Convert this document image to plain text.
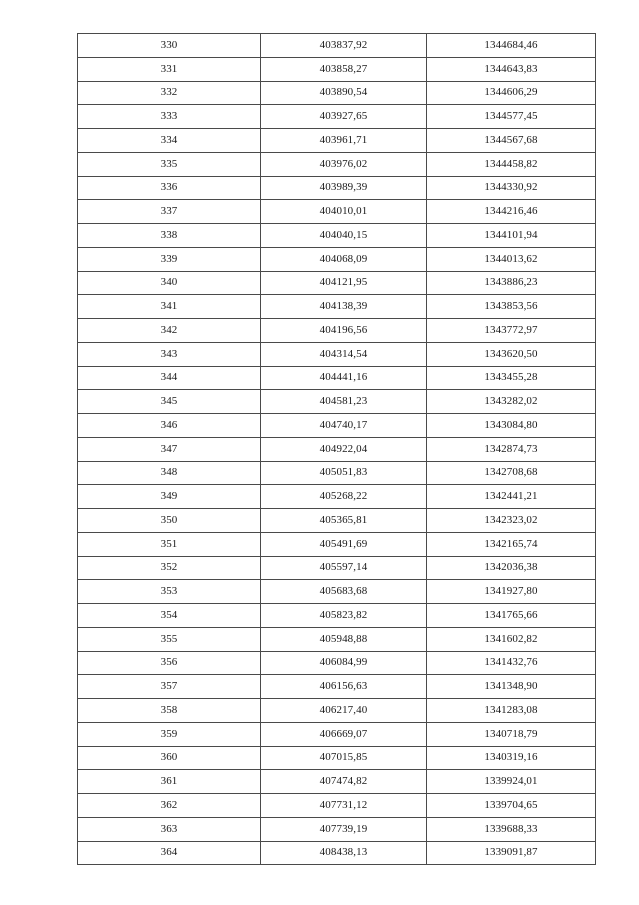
330	403837,92	1344684,46
331	403858,27	1344643,83
332	403890,54	1344606,29
333	403927,65	1344577,45
334	403961,71	1344567,68
335	403976,02	1344458,82
336	403989,39	1344330,92
337	404010,01	1344216,46
338	404040,15	1344101,94
339	404068,09	1344013,62
340	404121,95	1343886,23
341	404138,39	1343853,56
342	404196,56	1343772,97
343	404314,54	1343620,50
344	404441,16	1343455,28
345	404581,23	1343282,02
346	404740,17	1343084,80
347	404922,04	1342874,73
348	405051,83	1342708,68
349	405268,22	1342441,21
350	405365,81	1342323,02
351	405491,69	1342165,74
352	405597,14	1342036,38
353	405683,68	1341927,80
354	405823,82	1341765,66
355	405948,88	1341602,82
356	406084,99	1341432,76
357	406156,63	1341348,90
358	406217,40	1341283,08
359	406669,07	1340718,79
360	407015,85	1340319,16
361	407474,82	1339924,01
362	407731,12	1339704,65
363	407739,19	1339688,33
364	408438,13	1339091,87
